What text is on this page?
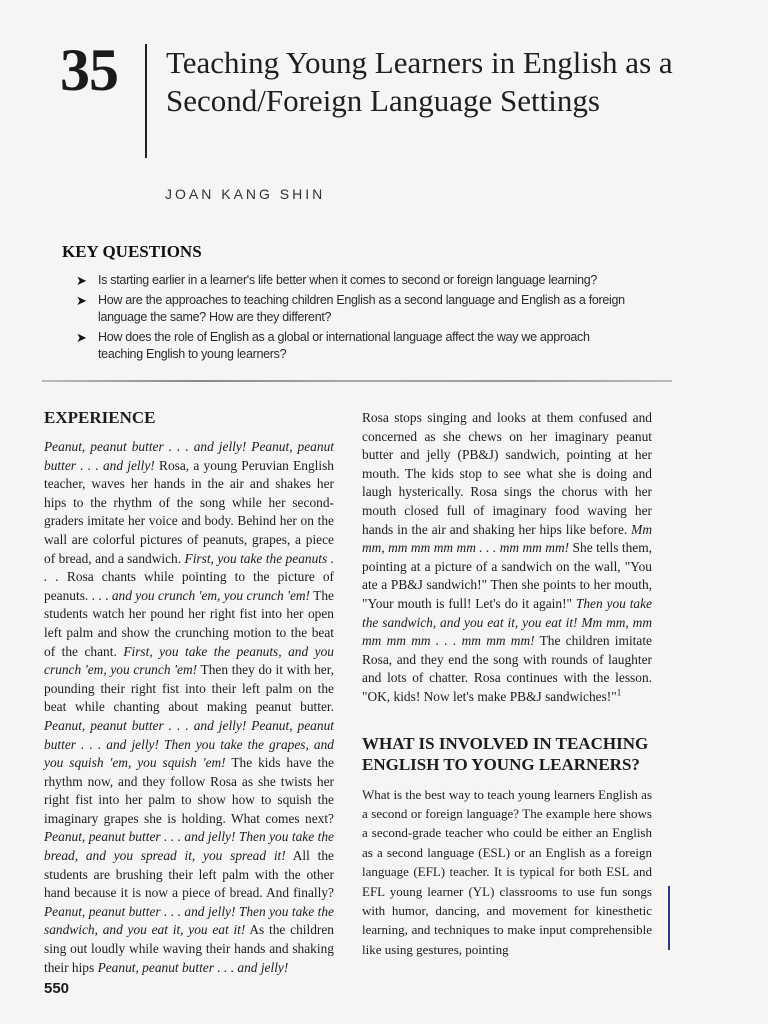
35 Teaching Young Learners in English as a Second/Foreign Language Settings
JOAN KANG SHIN
KEY QUESTIONS
➤ Is starting earlier in a learner's life better when it comes to second or foreign language learning?
➤ How are the approaches to teaching children English as a second language and English as a foreign language the same? How are they different?
➤ How does the role of English as a global or international language affect the way we approach teaching English to young learners?
EXPERIENCE

Peanut, peanut butter . . . and jelly! Peanut, peanut butter . . . and jelly! Rosa, a young Peruvian English teacher, waves her hands in the air and shakes her hips to the rhythm of the song while her second-graders imitate her voice and body. Behind her on the wall are colorful pictures of peanuts, grapes, a piece of bread, and a sandwich. First, you take the peanuts . . . Rosa chants while pointing to the picture of peanuts. . . . and you crunch 'em, you crunch 'em! The students watch her pound her right fist into her open left palm and show the crunching motion to the beat of the chant. First, you take the peanuts, and you crunch 'em, you crunch 'em! Then they do it with her, pounding their right fist into their left palm on the beat while chanting about making peanut butter. Peanut, peanut butter . . . and jelly! Peanut, peanut butter . . . and jelly! Then you take the grapes, and you squish 'em, you squish 'em! The kids have the rhythm now, and they follow Rosa as she twists her right fist into her palm to show how to squish the imaginary grapes she is holding. What comes next? Peanut, peanut butter . . . and jelly! Then you take the bread, and you spread it, you spread it! All the students are brushing their left palm with the other hand because it is now a piece of bread. And finally? Peanut, peanut butter . . . and jelly! Then you take the sandwich, and you eat it, you eat it! As the children sing out loudly while waving their hands and shaking their hips Peanut, peanut butter . . . and jelly!

Rosa stops singing and looks at them confused and concerned as she chews on her imaginary peanut butter and jelly (PB&J) sandwich, pointing at her mouth. The kids stop to see what she is doing and laugh hysterically. Rosa sings the chorus with her mouth closed full of imaginary food waving her hands in the air and shaking her hips like before. Mm mm, mm mm mm mm . . . mm mm mm! She tells them, pointing at a picture of a sandwich on the wall, "You ate a PB&J sandwich!" Then she points to her mouth, "Your mouth is full! Let's do it again!" Then you take the sandwich, and you eat it, you eat it! Mm mm, mm mm mm mm . . . mm mm mm! The children imitate Rosa, and they end the song with rounds of laughter and lots of chatter. Rosa continues with the lesson. "OK, kids! Now let's make PB&J sandwiches!"$^1$

WHAT IS INVOLVED IN TEACHING ENGLISH TO YOUNG LEARNERS?

What is the best way to teach young learners English as a second or foreign language? The example here shows a second-grade teacher who could be either an English as a second language (ESL) or an English as a foreign language (EFL) teacher. It is typical for both ESL and EFL young learner (YL) classrooms to use fun songs with humor, dancing, and movement for kinesthetic learning, and techniques to make input comprehensible like using gestures, pointing

550
